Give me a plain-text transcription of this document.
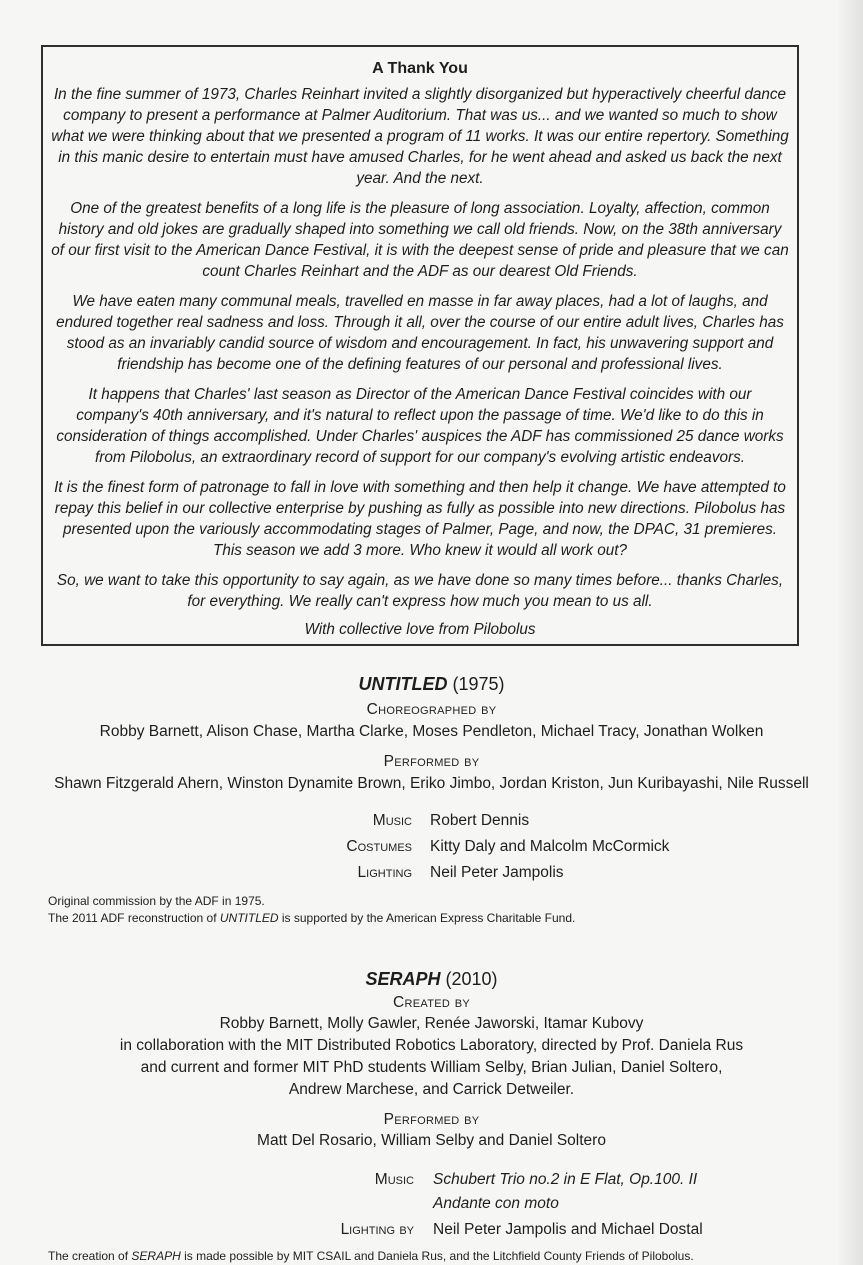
A Thank You

In the fine summer of 1973, Charles Reinhart invited a slightly disorganized but hyperactively cheerful dance company to present a performance at Palmer Auditorium. That was us... and we wanted so much to show what we were thinking about that we presented a program of 11 works. It was our entire repertory. Something in this manic desire to entertain must have amused Charles, for he went ahead and asked us back the next year. And the next.

One of the greatest benefits of a long life is the pleasure of long association. Loyalty, affection, common history and old jokes are gradually shaped into something we call old friends. Now, on the 38th anniversary of our first visit to the American Dance Festival, it is with the deepest sense of pride and pleasure that we can count Charles Reinhart and the ADF as our dearest Old Friends.

We have eaten many communal meals, travelled en masse in far away places, had a lot of laughs, and endured together real sadness and loss. Through it all, over the course of our entire adult lives, Charles has stood as an invariably candid source of wisdom and encouragement. In fact, his unwavering support and friendship has become one of the defining features of our personal and professional lives.

It happens that Charles' last season as Director of the American Dance Festival coincides with our company's 40th anniversary, and it's natural to reflect upon the passage of time. We'd like to do this in consideration of things accomplished. Under Charles' auspices the ADF has commissioned 25 dance works from Pilobolus, an extraordinary record of support for our company's evolving artistic endeavors.

It is the finest form of patronage to fall in love with something and then help it change. We have attempted to repay this belief in our collective enterprise by pushing as fully as possible into new directions. Pilobolus has presented upon the variously accommodating stages of Palmer, Page, and now, the DPAC, 31 premieres. This season we add 3 more. Who knew it would all work out?

So, we want to take this opportunity to say again, as we have done so many times before... thanks Charles, for everything. We really can't express how much you mean to us all.

With collective love from Pilobolus
UNTITLED (1975)
Choreographed by
Robby Barnett, Alison Chase, Martha Clarke, Moses Pendleton, Michael Tracy, Jonathan Wolken
Performed by
Shawn Fitzgerald Ahern, Winston Dynamite Brown, Eriko Jimbo, Jordan Kriston, Jun Kuribayashi, Nile Russell
Music Robert Dennis
Costumes Kitty Daly and Malcolm McCormick
Lighting Neil Peter Jampolis
Original commission by the ADF in 1975.
The 2011 ADF reconstruction of UNTITLED is supported by the American Express Charitable Fund.
SERAPH (2010)
Created by
Robby Barnett, Molly Gawler, Renée Jaworski, Itamar Kubovy
in collaboration with the MIT Distributed Robotics Laboratory, directed by Prof. Daniela Rus
and current and former MIT PhD students William Selby, Brian Julian, Daniel Soltero,
Andrew Marchese, and Carrick Detweiler.
Performed by
Matt Del Rosario, William Selby and Daniel Soltero
Music Schubert Trio no.2 in E Flat, Op.100. II
Andante con moto
Lighting by Neil Peter Jampolis and Michael Dostal
The creation of SERAPH is made possible by MIT CSAIL and Daniela Rus, and the Litchfield County Friends of Pilobolus.
